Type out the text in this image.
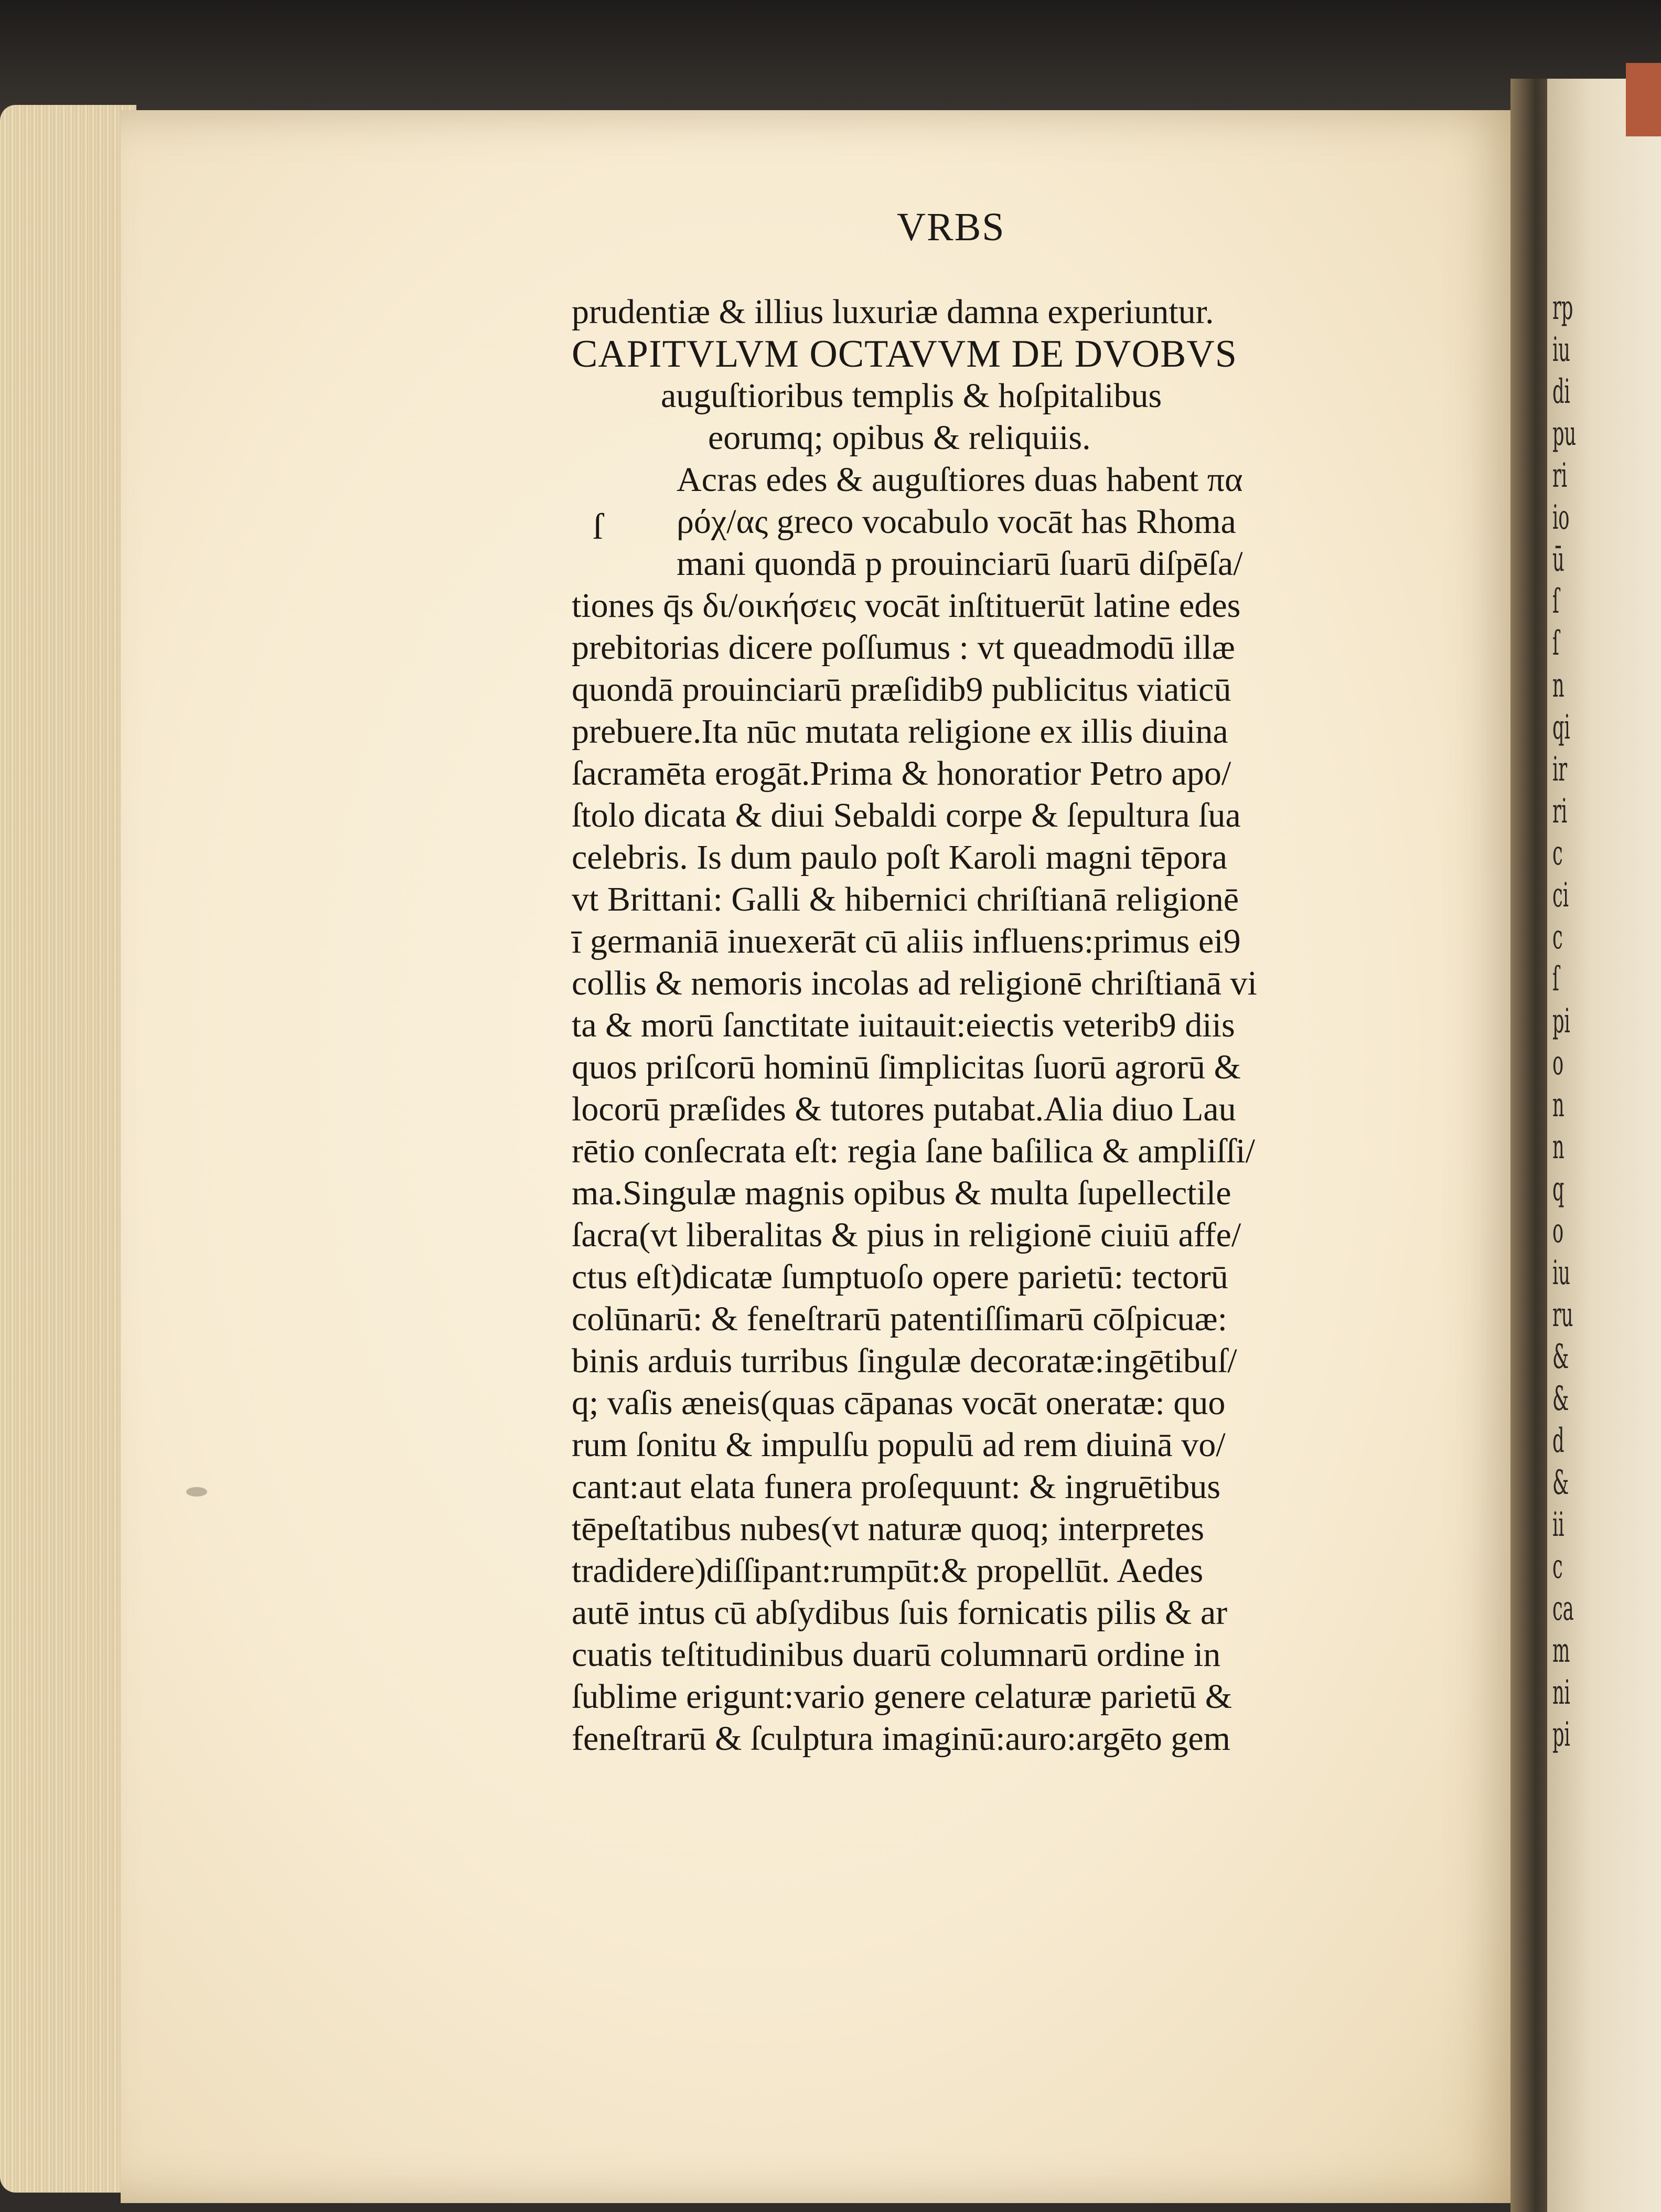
VRBS
ſ
prudentiæ & illius luxuriæ damna experiuntur.
CAPITVLVM OCTAVVM DE DVOBVS
auguſtioribus templis & hoſpitalibus
eorumq; opibus & reliquiis.
Acras edes & auguſtiores duas habent πα
ρόχ/ας greco vocabulo vocāt has Rhoma
mani quondā p prouinciarū ſuarū diſpēſa/
tiones q̄s δι/οικήσεις vocāt inſtituerūt latine edes
prebitorias dicere poſſumus : vt queadmodū illæ
quondā prouinciarū præſidib9 publicitus viaticū
prebuere.Ita nūc mutata religione ex illis diuina
ſacramēta erogāt.Prima & honoratior Petro apo/
ſtolo dicata & diui Sebaldi corpe & ſepultura ſua
celebris. Is dum paulo poſt Karoli magni tēpora
vt Brittani: Galli & hibernici chriſtianā religionē
ī germaniā inuexerāt cū aliis influens:primus ei9
collis & nemoris incolas ad religionē chriſtianā vi
ta & morū ſanctitate iuitauit:eiectis veterib9 diis
quos priſcorū hominū ſimplicitas ſuorū agrorū &
locorū præſides & tutores putabat.Alia diuo Lau
rētio conſecrata eſt: regia ſane baſilica & ampliſſi/
ma.Singulæ magnis opibus & multa ſupellectile
ſacra(vt liberalitas & pius in religionē ciuiū affe/
ctus eſt)dicatæ ſumptuoſo opere parietū: tectorū
colūnarū: & feneſtrarū patentiſſimarū cōſpicuæ:
binis arduis turribus ſingulæ decoratæ:ingētibuſ/
q; vaſis æneis(quas cāpanas vocāt oneratæ: quo
rum ſonitu & impulſu populū ad rem diuinā vo/
cant:aut elata funera proſequunt: & ingruētibus
tēpeſtatibus nubes(vt naturæ quoq; interpretes
tradidere)diſſipant:rumpūt:& propellūt. Aedes
autē intus cū abſydibus ſuis fornicatis pilis & ar
cuatis teſtitudinibus duarū columnarū ordine in
ſublime erigunt:vario genere celaturæ parietū &
feneſtrarū & ſculptura imaginū:auro:argēto gem
rp
iu
di
pu
ri
io
ū
ſ
ſ
n
qi
ir
ri
c
ci
c
ſ
pi
o
n
n
q
o
iu
ru
&
&
d
&
ii
c
ca
m
ni
pi
